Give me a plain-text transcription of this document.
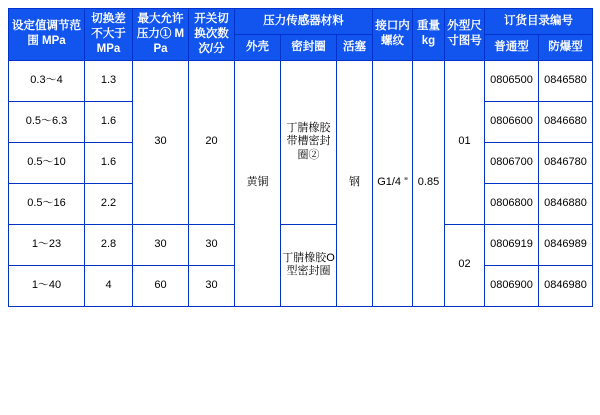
设定值调节范围 MPa	切换差不大于 MPa	最大允许压力① MPa	开关切换次数 次/分	压力传感器材料			接口内螺纹	重量 kg	外型尺寸图号	订货目录编号	

				外壳	密封圈	活塞				普通型	防爆型

0.3～4	1.3	30	20	黄铜	丁腈橡胶带槽密封圈②	钢	G1/4 ”	0.85	01	0806500	0846580
0.5～6.3	1.6									0806600	0846680
0.5～10	1.6									0806700	0846780
0.5～16	2.2									0806800	0846880
1～23	2.8	30	30		丁腈橡胶O型密封圈				02	0806919	0846989
1～40	4	60	30							0806900	0846980
